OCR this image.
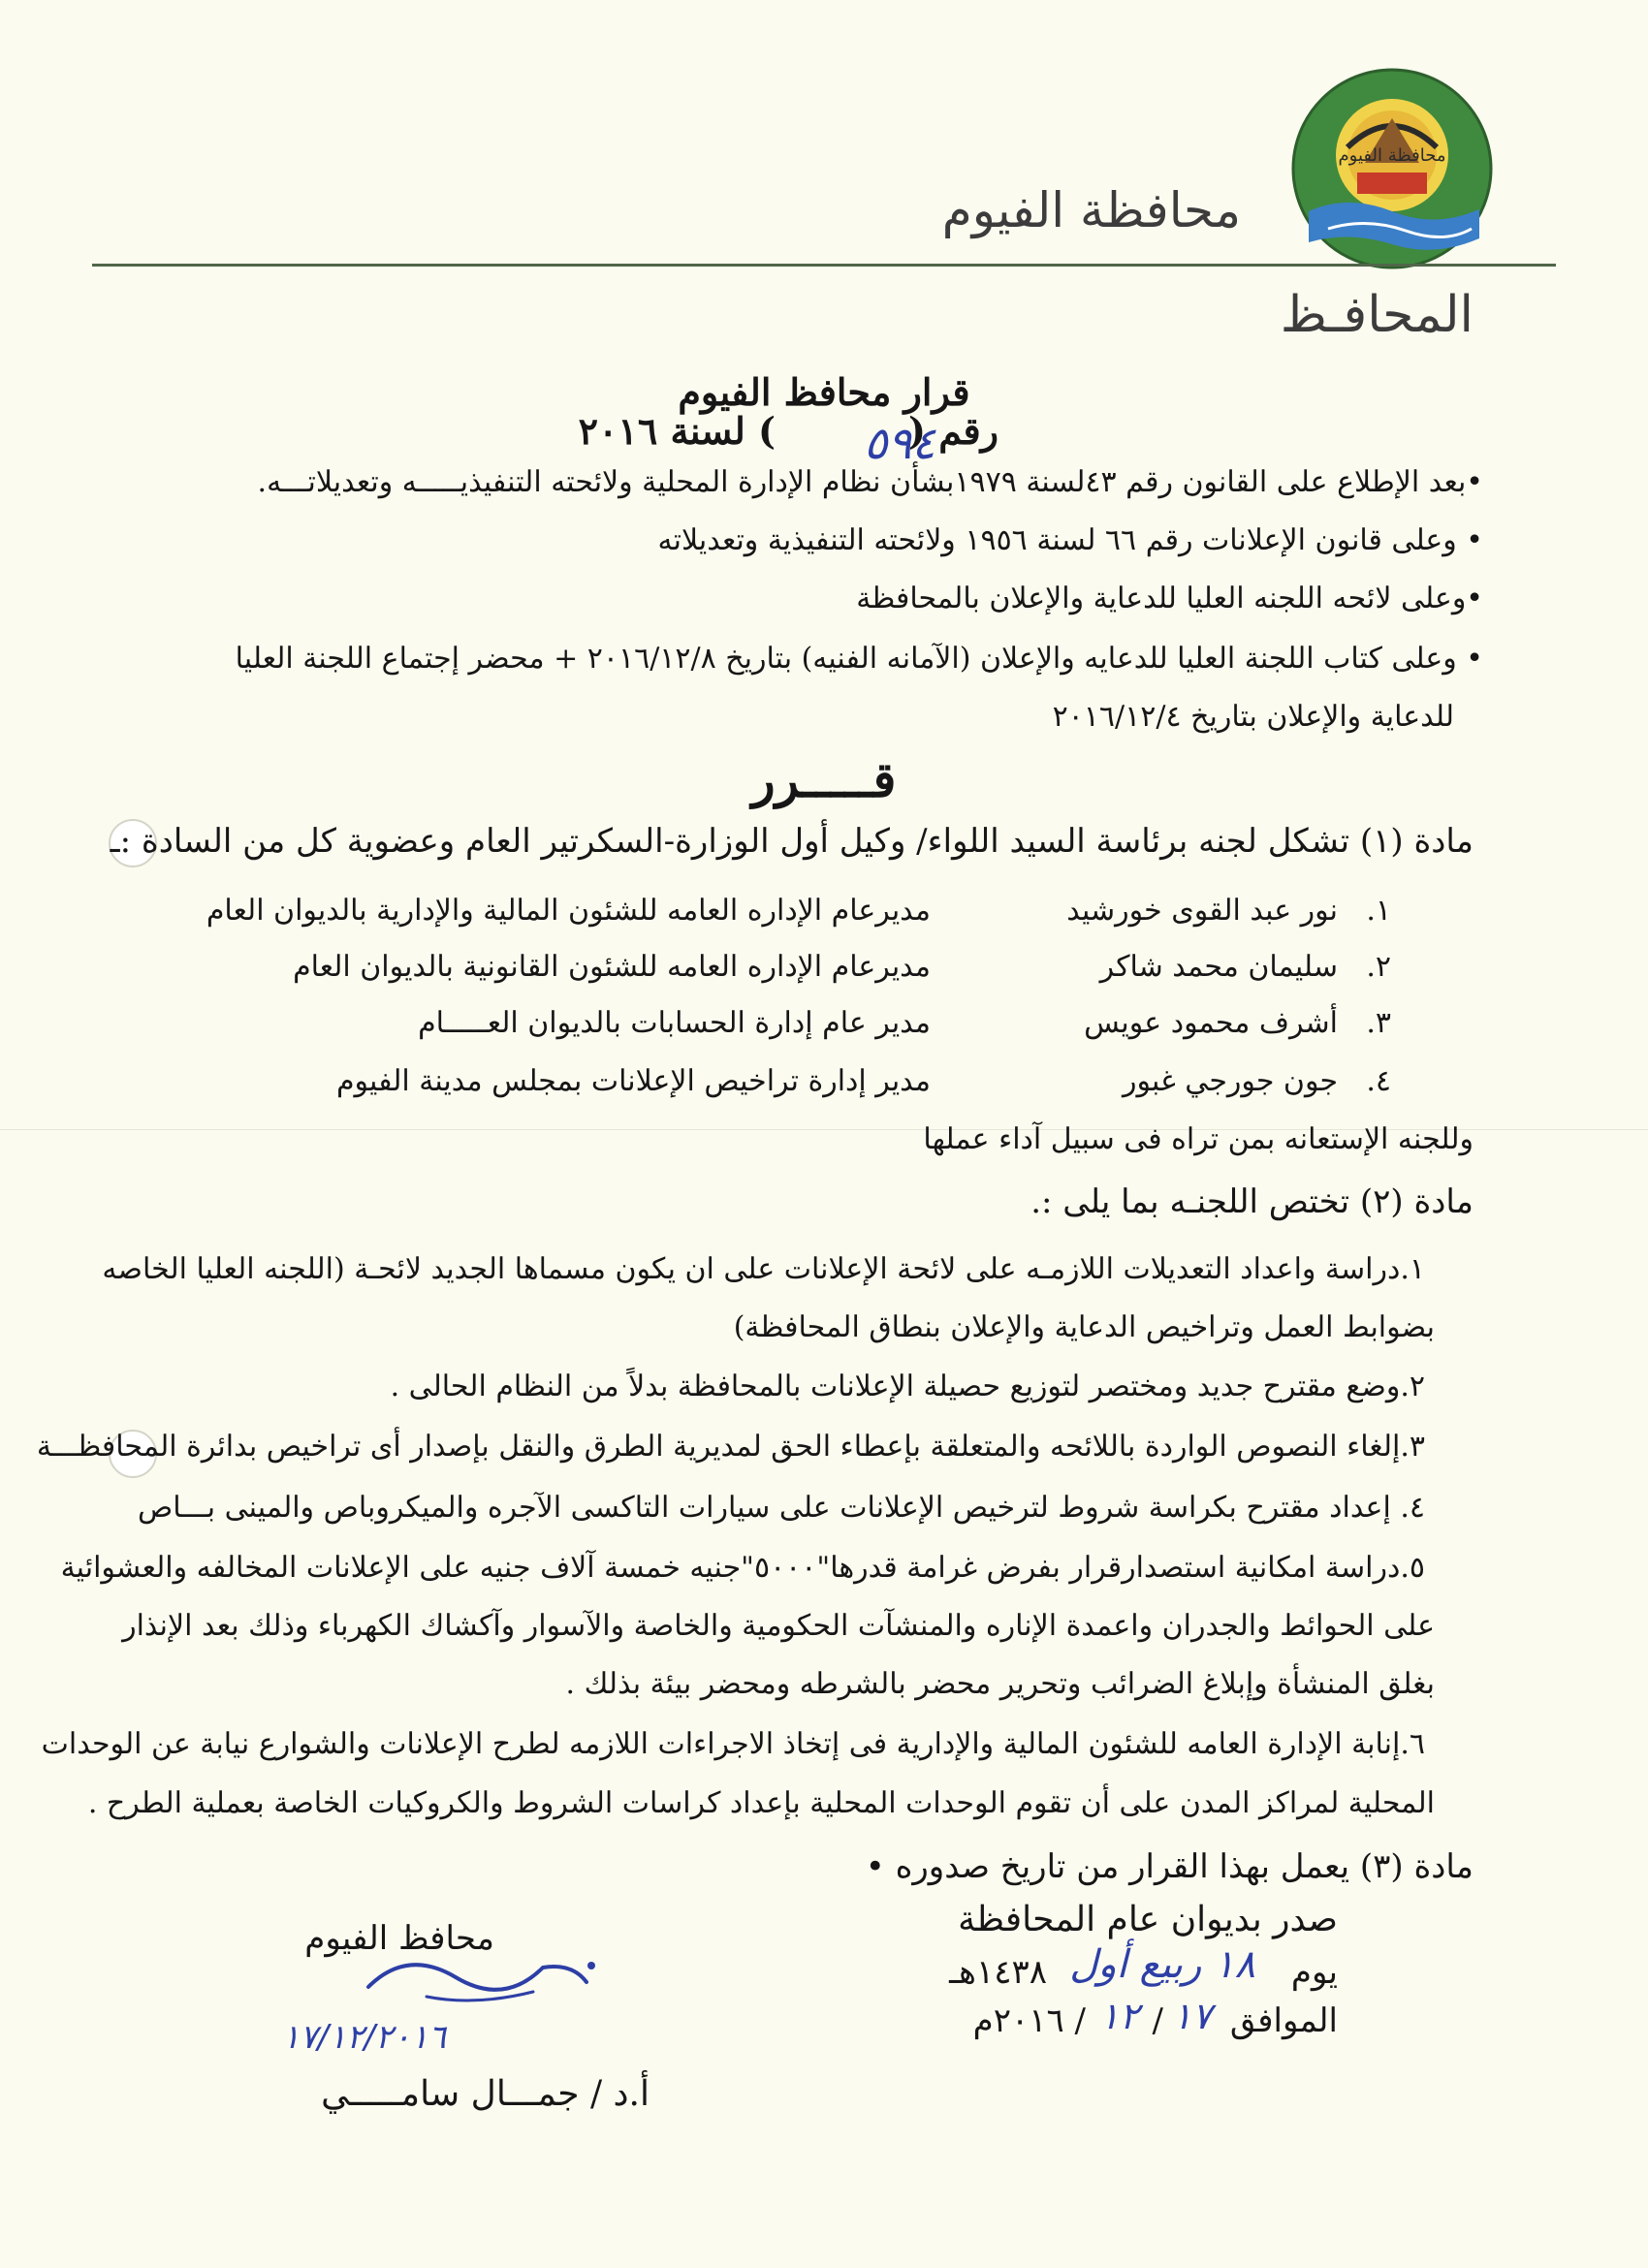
محافظة الفيوم
محافظة الفيوم
المحافـظ
قرار محافظ الفيوم
رقم (
٥٩٤
) لسنة ٢٠١٦
•بعد الإطلاع على القانون رقم ٤٣لسنة ١٩٧٩بشأن نظام الإدارة المحلية ولائحته التنفيذيـــــه وتعديلاتـــه.
• وعلى قانون الإعلانات رقم ٦٦ لسنة ١٩٥٦ ولائحته التنفيذية وتعديلاته
•وعلى لائحه اللجنه العليا للدعاية والإعلان بالمحافظة
• وعلى كتاب اللجنة العليا للدعايه والإعلان (الآمانه الفنيه) بتاريخ ٢٠١٦/١٢/٨ + محضر إجتماع اللجنة العليا
للدعاية والإعلان بتاريخ ٢٠١٦/١٢/٤
قـــــرر
مادة (١) تشكل لجنه برئاسة السيد اللواء/ وكيل أول الوزارة-السكرتير العام وعضوية كل من السادة :ـ
١.
نور عبد القوى خورشيد
مديرعام الإداره العامه للشئون المالية والإدارية بالديوان العام
٢.
سليمان محمد شاكر
مديرعام الإداره العامه للشئون القانونية بالديوان العام
٣.
أشرف محمود عويس
مدير عام إدارة الحسابات بالديوان العـــــام
٤.
جون جورجي غبور
مدير إدارة تراخيص الإعلانات بمجلس مدينة الفيوم
وللجنه الإستعانه بمن تراه فى سبيل آداء عملها
مادة (٢) تختص اللجنـه بما يلى :.
١.دراسة واعداد التعديلات اللازمـه على لائحة الإعلانات على ان يكون مسماها الجديد لائحـة (اللجنه العليا الخاصه
بضوابط العمل وتراخيص الدعاية والإعلان بنطاق المحافظة)
٢.وضع مقترح جديد ومختصر لتوزيع حصيلة الإعلانات بالمحافظة بدلاً من النظام الحالى .
٣.إلغاء النصوص الواردة باللائحه والمتعلقة بإعطاء الحق لمديرية الطرق والنقل بإصدار أى تراخيص بدائرة المحافظـــة
٤. إعداد مقترح بكراسة شروط لترخيص الإعلانات على سيارات التاكسى الآجره والميكروباص والمينى بـــاص
٥.دراسة امكانية استصدارقرار بفرض غرامة قدرها"٥٠٠٠"جنيه خمسة آلاف جنيه على الإعلانات المخالفه والعشوائية
على الحوائط والجدران واعمدة الإناره والمنشآت الحكومية والخاصة والآسوار وآكشاك الكهرباء وذلك بعد الإنذار
بغلق المنشأة وإبلاغ الضرائب وتحرير محضر بالشرطه ومحضر بيئة بذلك .
٦.إنابة الإدارة العامه للشئون المالية والإدارية فى إتخاذ الاجراءات اللازمه لطرح الإعلانات والشوارع نيابة عن الوحدات
المحلية لمراكز المدن على أن تقوم الوحدات المحلية بإعداد كراسات الشروط والكروكيات الخاصة بعملية الطرح .
مادة (٣) يعمل بهذا القرار من تاريخ صدوره •
صدر بديوان عام المحافظة
يوم
١٨ ربيع أول
١٤٣٨هـ
الموافق
١٧
/
١٢
/ ٢٠١٦م
محافظ الفيوم
١٧/١٢/٢٠١٦
أ.د / جمـــال سامـــــي
